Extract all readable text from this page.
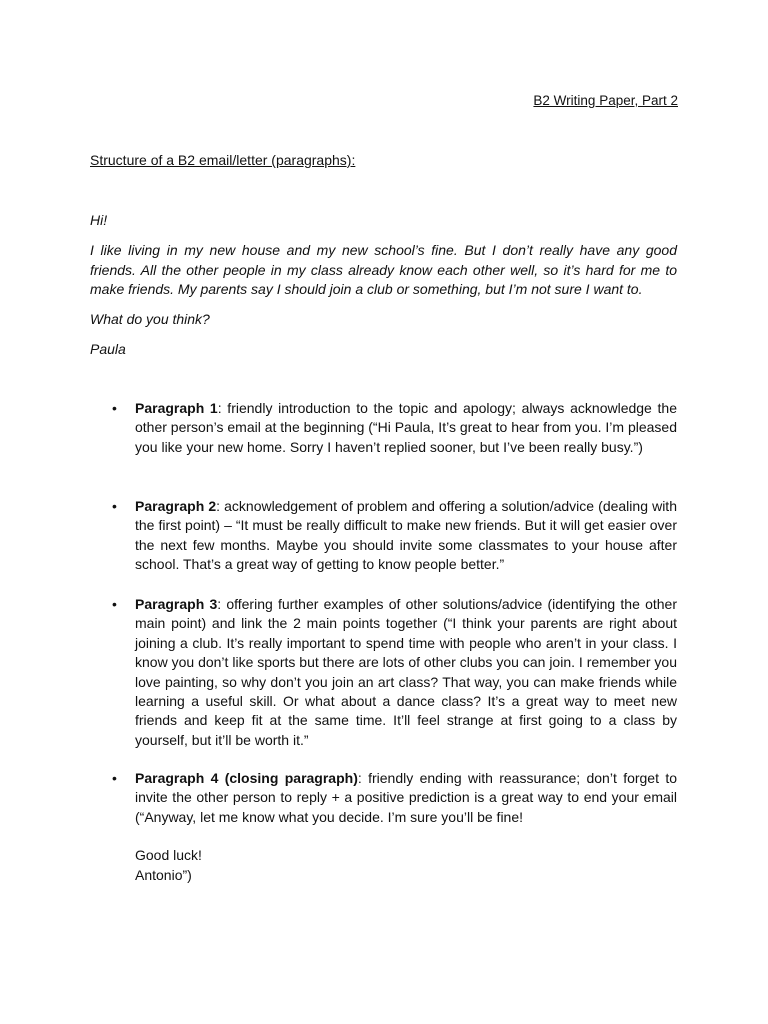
B2 Writing Paper, Part 2
Structure of a B2 email/letter (paragraphs):

Hi!

I like living in my new house and my new school’s fine. But I don’t really have any good friends. All the other people in my class already know each other well, so it’s hard for me to make friends. My parents say I should join a club or something, but I’m not sure I want to.

What do you think?

Paula

• Paragraph 1: friendly introduction to the topic and apology; always acknowledge the other person’s email at the beginning (“Hi Paula, It’s great to hear from you. I’m pleased you like your new home. Sorry I haven’t replied sooner, but I’ve been really busy.”)
• Paragraph 2: acknowledgement of problem and offering a solution/advice (dealing with the first point) – “It must be really difficult to make new friends. But it will get easier over the next few months. Maybe you should invite some classmates to your house after school. That’s a great way of getting to know people better.”
• Paragraph 3: offering further examples of other solutions/advice (identifying the other main point) and link the 2 main points together (“I think your parents are right about joining a club. It’s really important to spend time with people who aren’t in your class. I know you don’t like sports but there are lots of other clubs you can join. I remember you love painting, so why don’t you join an art class? That way, you can make friends while learning a useful skill. Or what about a dance class? It’s a great way to meet new friends and keep fit at the same time. It’ll feel strange at first going to a class by yourself, but it’ll be worth it.”
• Paragraph 4 (closing paragraph): friendly ending with reassurance; don’t forget to invite the other person to reply + a positive prediction is a great way to end your email (“Anyway, let me know what you decide. I’m sure you’ll be fine!
Good luck!
Antonio”)
